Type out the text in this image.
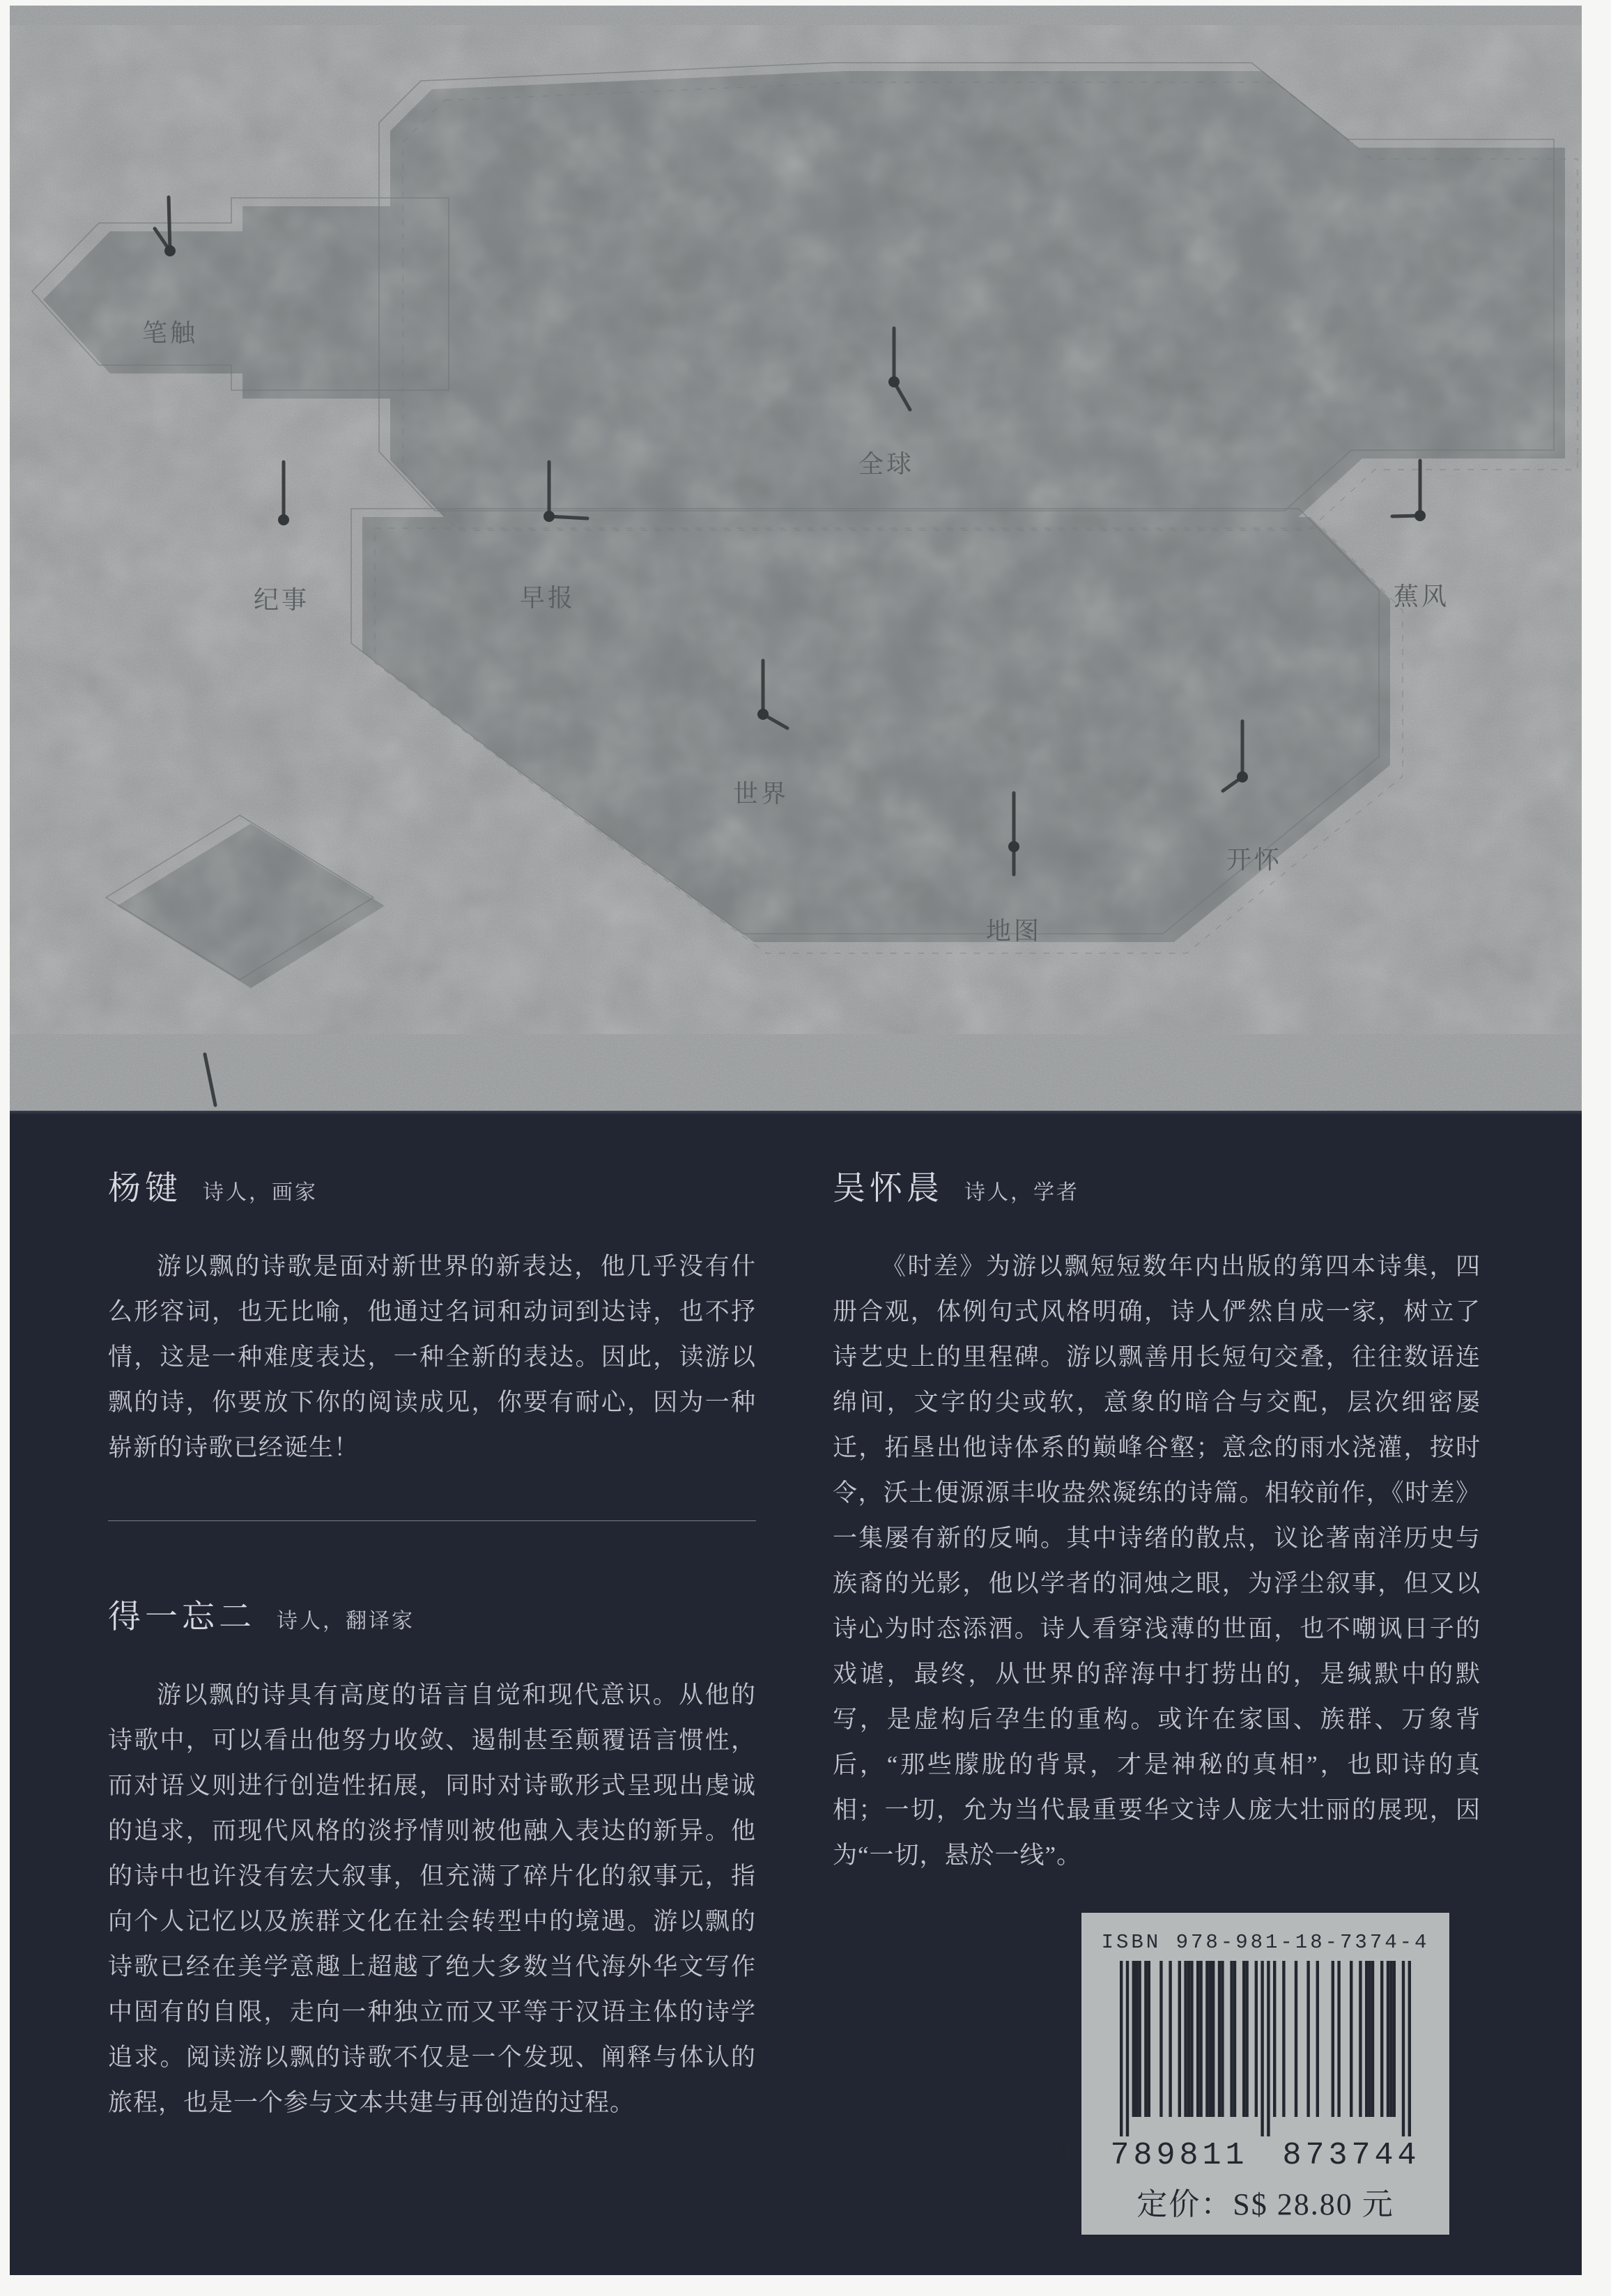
笔触
纪事	早报
全球
蕉风
世界
地图
开怀
杨键 诗人，画家

游以飘的诗歌是面对新世界的新表达，他几乎没有什么形容词，也无比喻，他通过名词和动词到达诗，也不抒情，这是一种难度表达，一种全新的表达。因此，读游以飘的诗，你要放下你的阅读成见，你要有耐心，因为一种崭新的诗歌已经诞生！

得一忘二 诗人，翻译家

游以飘的诗具有高度的语言自觉和现代意识。从他的诗歌中，可以看出他努力收敛、遏制甚至颠覆语言惯性，而对语义则进行创造性拓展，同时对诗歌形式呈现出虔诚的追求，而现代风格的淡抒情则被他融入表达的新异。他的诗中也许没有宏大叙事，但充满了碎片化的叙事元，指向个人记忆以及族群文化在社会转型中的境遇。游以飘的诗歌已经在美学意趣上超越了绝大多数当代海外华文写作中固有的自限，走向一种独立而又平等于汉语主体的诗学追求。阅读游以飘的诗歌不仅是一个发现、阐释与体认的旅程，也是一个参与文本共建与再创造的过程。

吴怀晨 诗人，学者

《时差》为游以飘短短数年内出版的第四本诗集，四册合观，体例句式风格明确，诗人俨然自成一家，树立了诗艺史上的里程碑。游以飘善用长短句交叠，往往数语连绵间，文字的尖或软，意象的暗合与交配，层次细密屡迁，拓垦出他诗体系的巅峰谷壑；意念的雨水浇灌，按时令，沃土便源源丰收盎然凝练的诗篇。相较前作，《时差》一集屡有新的反响。其中诗绪的散点，议论著南洋历史与族裔的光影，他以学者的洞烛之眼，为浮尘叙事，但又以诗心为时态添酒。诗人看穿浅薄的世面，也不嘲讽日子的戏谑，最终，从世界的辞海中打捞出的，是缄默中的默写，是虚构后孕生的重构。或许在家国、族群、万象背后，“那些朦胧的背景，才是神秘的真相”，也即诗的真相；一切，允为当代最重要华文诗人庞大壮丽的展现，因为“一切，悬於一线”。

ISBN 978-981-18-7374-4
9 789811 873744 >
定价：S$ 28.80 元
